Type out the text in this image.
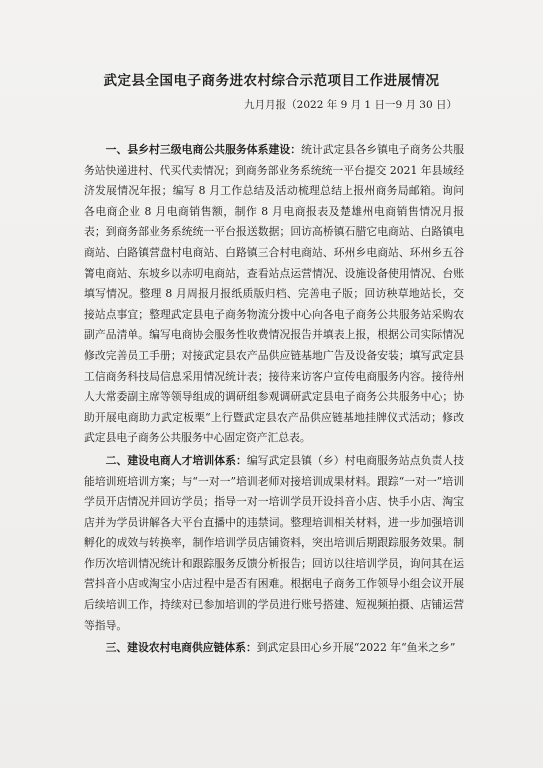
武定县全国电子商务进农村综合示范项目工作进展情况
九月月报（2022 年 9 月 1 日一9 月 30 日）

一、县乡村三级电商公共服务体系建设：统计武定县各乡镇电子商务公共服务站快递进村、代买代卖情况；到商务部业务系统统一平台提交 2021 年县域经济发展情况年报；编写 8 月工作总结及活动梳理总结上报州商务局邮箱。询问各电商企业 8 月电商销售额，制作 8 月电商报表及楚雄州电商销售情况月报表；到商务部业务系统统一平台报送数据；回访高桥镇石腊它电商站、白路镇电商站、白路镇营盘村电商站、白路镇三合村电商站、环州乡电商站、环州乡五谷箐电商站、东坡乡以赤叨电商站，查看站点运营情况、设施设备使用情况、台账填写情况。整理 8 月周报月报纸质版归档、完善电子版；回访秧草地站长，交接站点事宜；整理武定县电子商务物流分拨中心向各电子商务公共服务站采购农副产品清单。编写电商协会服务性收费情况报告并填表上报，根据公司实际情况修改完善员工手册；对接武定县农产品供应链基地广告及设备安装；填写武定县工信商务科技局信息采用情况统计表；接待来访客户宣传电商服务内容。接待州人大常委副主席等领导组成的调研组参观调研武定县电子商务公共服务中心；协助开展电商助力武定板栗“上行暨武定县农产品供应链基地挂牌仪式活动；修改武定县电子商务公共服务中心固定资产汇总表。

二、建设电商人才培训体系：编写武定县镇（乡）村电商服务站点负责人技能培训班培训方案；与“一对一”培训老师对接培训成果材料。跟踪“一对一”培训学员开店情况并回访学员；指导一对一培训学员开设抖音小店、快手小店、淘宝店并为学员讲解各大平台直播中的违禁词。整理培训相关材料，进一步加强培训孵化的成效与转换率，制作培训学员店铺资料，突出培训后期跟踪服务效果。制作历次培训情况统计和跟踪服务反馈分析报告；回访以往培训学员，询问其在运营抖音小店或淘宝小店过程中是否有困难。根据电子商务工作领导小组会议开展后续培训工作，持续对已参加培训的学员进行账号搭建、短视频拍摄、店铺运营等指导。

三、建设农村电商供应链体系：到武定县田心乡开展“2022 年“鱼米之乡”
